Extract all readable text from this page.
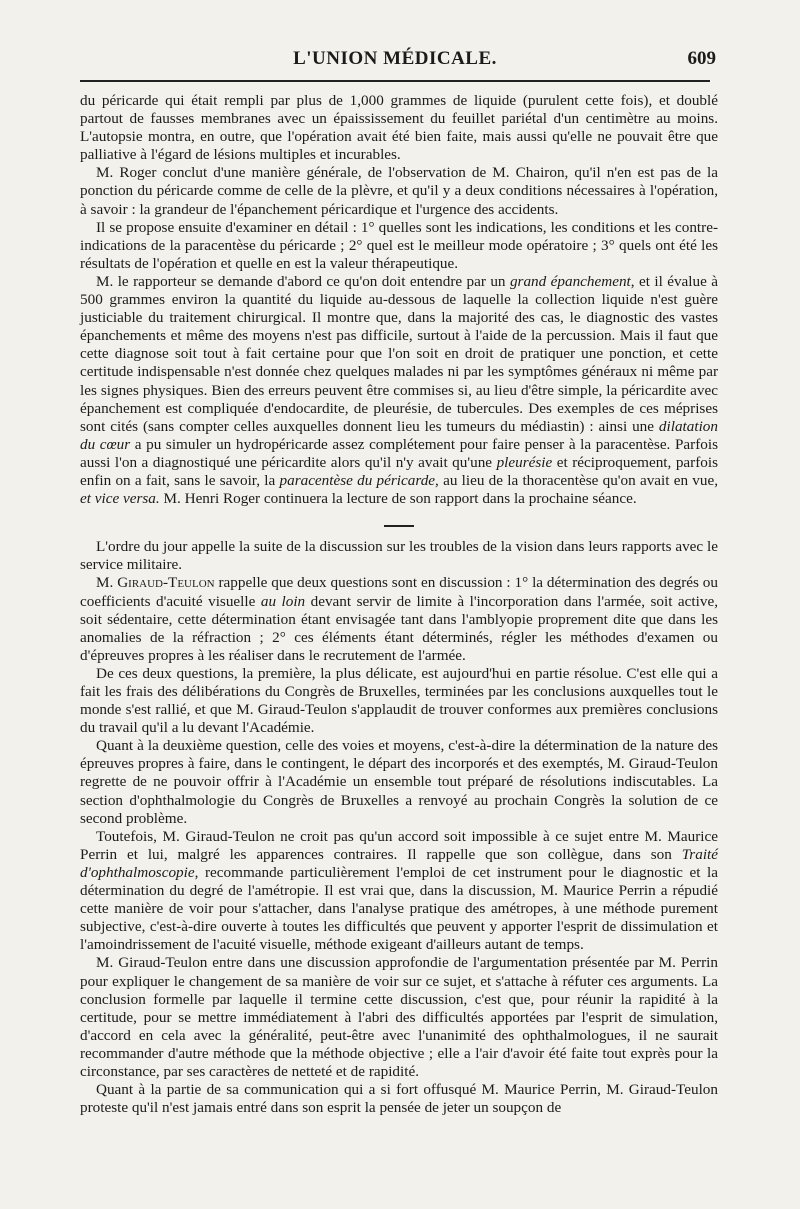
L'UNION MÉDICALE.	609

du péricarde qui était rempli par plus de 1,000 grammes de liquide (purulent cette fois), et doublé partout de fausses membranes avec un épaississement du feuillet pariétal d'un centimètre au moins. L'autopsie montra, en outre, que l'opération avait été bien faite, mais aussi qu'elle ne pouvait être que palliative à l'égard de lésions multiples et incurables.

M. Roger conclut d'une manière générale, de l'observation de M. Chairon, qu'il n'en est pas de la ponction du péricarde comme de celle de la plèvre, et qu'il y a deux conditions nécessaires à l'opération, à savoir : la grandeur de l'épanchement péricardique et l'urgence des accidents.

Il se propose ensuite d'examiner en détail : 1° quelles sont les indications, les conditions et les contre-indications de la paracentèse du péricarde ; 2° quel est le meilleur mode opératoire ; 3° quels ont été les résultats de l'opération et quelle en est la valeur thérapeutique.

M. le rapporteur se demande d'abord ce qu'on doit entendre par un grand épanchement, et il évalue à 500 grammes environ la quantité du liquide au-dessous de laquelle la collection liquide n'est guère justiciable du traitement chirurgical. Il montre que, dans la majorité des cas, le diagnostic des vastes épanchements et même des moyens n'est pas difficile, surtout à l'aide de la percussion. Mais il faut que cette diagnose soit tout à fait certaine pour que l'on soit en droit de pratiquer une ponction, et cette certitude indispensable n'est donnée chez quelques malades ni par les symptômes généraux ni même par les signes physiques. Bien des erreurs peuvent être commises si, au lieu d'être simple, la péricardite avec épanchement est compliquée d'endocardite, de pleurésie, de tubercules. Des exemples de ces méprises sont cités (sans compter celles auxquelles donnent lieu les tumeurs du médiastin) : ainsi une dilatation du cœur a pu simuler un hydropéricarde assez complétement pour faire penser à la paracentèse. Parfois aussi l'on a diagnostiqué une péricardite alors qu'il n'y avait qu'une pleurésie et réciproquement, parfois enfin on a fait, sans le savoir, la paracentèse du péricarde, au lieu de la thoracentèse qu'on avait en vue, et vice versa. M. Henri Roger continuera la lecture de son rapport dans la prochaine séance.

L'ordre du jour appelle la suite de la discussion sur les troubles de la vision dans leurs rapports avec le service militaire.

M. Giraud-Teulon rappelle que deux questions sont en discussion : 1° la détermination des degrés ou coefficients d'acuité visuelle au loin devant servir de limite à l'incorporation dans l'armée, soit active, soit sédentaire, cette détermination étant envisagée tant dans l'amblyopie proprement dite que dans les anomalies de la réfraction ; 2° ces éléments étant déterminés, régler les méthodes d'examen ou d'épreuves propres à les réaliser dans le recrutement de l'armée.

De ces deux questions, la première, la plus délicate, est aujourd'hui en partie résolue. C'est elle qui a fait les frais des délibérations du Congrès de Bruxelles, terminées par les conclusions auxquelles tout le monde s'est rallié, et que M. Giraud-Teulon s'applaudit de trouver conformes aux premières conclusions du travail qu'il a lu devant l'Académie.

Quant à la deuxième question, celle des voies et moyens, c'est-à-dire la détermination de la nature des épreuves propres à faire, dans le contingent, le départ des incorporés et des exemptés, M. Giraud-Teulon regrette de ne pouvoir offrir à l'Académie un ensemble tout préparé de résolutions indiscutables. La section d'ophthalmologie du Congrès de Bruxelles a renvoyé au prochain Congrès la solution de ce second problème.

Toutefois, M. Giraud-Teulon ne croit pas qu'un accord soit impossible à ce sujet entre M. Maurice Perrin et lui, malgré les apparences contraires. Il rappelle que son collègue, dans son Traité d'ophthalmoscopie, recommande particulièrement l'emploi de cet instrument pour le diagnostic et la détermination du degré de l'amétropie. Il est vrai que, dans la discussion, M. Maurice Perrin a répudié cette manière de voir pour s'attacher, dans l'analyse pratique des amétropes, à une méthode purement subjective, c'est-à-dire ouverte à toutes les difficultés que peuvent y apporter l'esprit de dissimulation et l'amoindrissement de l'acuité visuelle, méthode exigeant d'ailleurs autant de temps.

M. Giraud-Teulon entre dans une discussion approfondie de l'argumentation présentée par M. Perrin pour expliquer le changement de sa manière de voir sur ce sujet, et s'attache à réfuter ces arguments. La conclusion formelle par laquelle il termine cette discussion, c'est que, pour réunir la rapidité à la certitude, pour se mettre immédiatement à l'abri des difficultés apportées par l'esprit de simulation, d'accord en cela avec la généralité, peut-être avec l'unanimité des ophthalmologues, il ne saurait recommander d'autre méthode que la méthode objective ; elle a l'air d'avoir été faite tout exprès pour la circonstance, par ses caractères de netteté et de rapidité.

Quant à la partie de sa communication qui a si fort offusqué M. Maurice Perrin, M. Giraud-Teulon proteste qu'il n'est jamais entré dans son esprit la pensée de jeter un soupçon de
